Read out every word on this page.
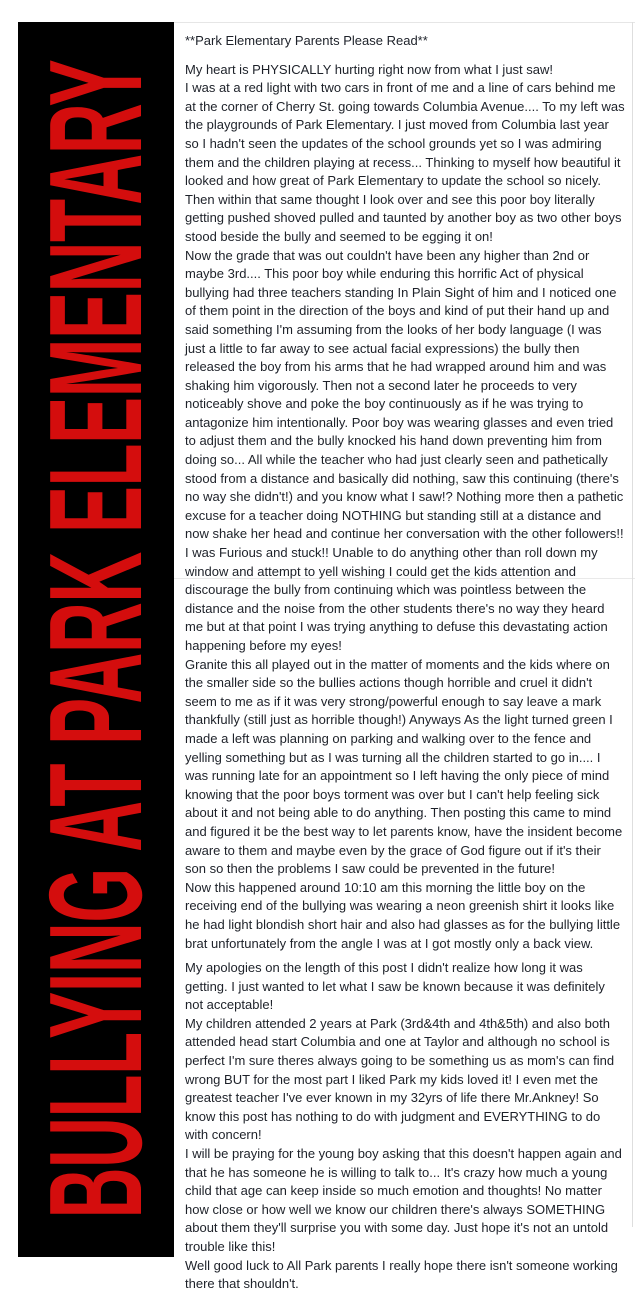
BULLYING AT PARK ELEMENTARY

**Park Elementary Parents Please Read**

My heart is PHYSICALLY hurting right now from what I just saw!

I was at a red light with two cars in front of me and a line of cars behind me at the corner of Cherry St. going towards Columbia Avenue.... To my left was the playgrounds of Park Elementary. I just moved from Columbia last year so I hadn't seen the updates of the school grounds yet so I was admiring them and the children playing at recess... Thinking to myself how beautiful it looked and how great of Park Elementary to update the school so nicely. Then within that same thought I look over and see this poor boy literally getting pushed shoved pulled and taunted by another boy as two other boys stood beside the bully and seemed to be egging it on!

Now the grade that was out couldn't have been any higher than 2nd or maybe 3rd.... This poor boy while enduring this horrific Act of physical bullying had three teachers standing In Plain Sight of him and I noticed one of them point in the direction of the boys and kind of put their hand up and said something I'm assuming from the looks of her body language (I was just a little to far away to see actual facial expressions) the bully then released the boy from his arms that he had wrapped around him and was shaking him vigorously. Then not a second later he proceeds to very noticeably shove and poke the boy continuously as if he was trying to antagonize him intentionally. Poor boy was wearing glasses and even tried to adjust them and the bully knocked his hand down preventing him from doing so... All while the teacher who had just clearly seen and pathetically stood from a distance and basically did nothing, saw this continuing (there's no way she didn't!) and you know what I saw!? Nothing more then a pathetic excuse for a teacher doing NOTHING but standing still at a distance and now shake her head and continue her conversation with the other followers!! I was Furious and stuck!! Unable to do anything other than roll down my window and attempt to yell wishing I could get the kids attention and discourage the bully from continuing which was pointless between the distance and the noise from the other students there's no way they heard me but at that point I was trying anything to defuse this devastating action happening before my eyes!

Granite this all played out in the matter of moments and the kids where on the smaller side so the bullies actions though horrible and cruel it didn't seem to me as if it was very strong/powerful enough to say leave a mark thankfully (still just as horrible though!) Anyways As the light turned green I made a left was planning on parking and walking over to the fence and yelling something but as I was turning all the children started to go in.... I was running late for an appointment so I left having the only piece of mind knowing that the poor boys torment was over but I can't help feeling sick about it and not being able to do anything. Then posting this came to mind and figured it be the best way to let parents know, have the insident become aware to them and maybe even by the grace of God figure out if it's their son so then the problems I saw could be prevented in the future!

Now this happened around 10:10 am this morning the little boy on the receiving end of the bullying was wearing a neon greenish shirt it looks like he had light blondish short hair and also had glasses as for the bullying little brat unfortunately from the angle I was at I got mostly only a back view.

My apologies on the length of this post I didn't realize how long it was getting. I just wanted to let what I saw be known because it was definitely not acceptable!

My children attended 2 years at Park (3rd&4th and 4th&5th) and also both attended head start Columbia and one at Taylor and although no school is perfect I'm sure theres always going to be something us as mom's can find wrong BUT for the most part I liked Park my kids loved it! I even met the greatest teacher I've ever known in my 32yrs of life there Mr.Ankney! So know this post has nothing to do with judgment and EVERYTHING to do with concern!

I will be praying for the young boy asking that this doesn't happen again and that he has someone he is willing to talk to... It's crazy how much a young child that age can keep inside so much emotion and thoughts! No matter how close or how well we know our children there's always SOMETHING about them they'll surprise you with some day. Just hope it's not an untold trouble like this!

Well good luck to All Park parents I really hope there isn't someone working there that shouldn't.
